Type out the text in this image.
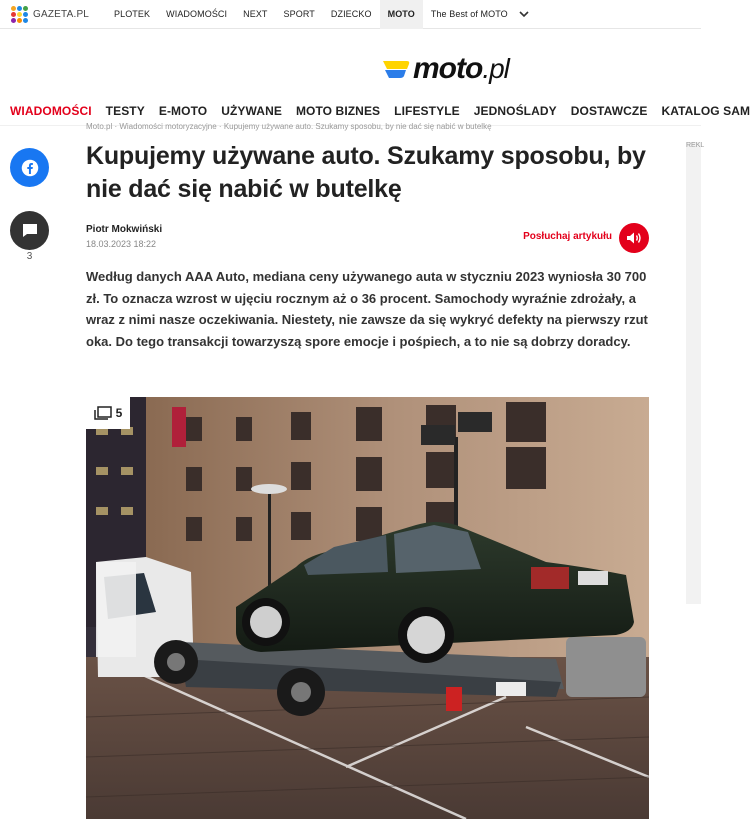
GAZETA.PL	PLOTEK	WIADOMOŚCI	NEXT	SPORT	DZIECKO	MOTO	The Best of MOTO
moto.pl
WIADOMOŚCI TESTY E-MOTO UŻYWANE MOTO BIZNES LIFESTYLE JEDNOŚLADY DOSTAWCZE KATALOG SAM
Moto.pl · Wiadomości motoryzacyjne · Kupujemy używane auto. Szukamy sposobu, by nie dać się nabić w butelkę
REKL
3
Kupujemy używane auto. Szukamy sposobu, by nie dać się nabić w butelkę
Piotr Mokwiński
18.03.2023 18:22
Posłuchaj artykułu

Według danych AAA Auto, mediana ceny używanego auta w styczniu 2023 wyniosła 30 700 zł. To oznacza wzrost w ujęciu rocznym aż o 36 procent. Samochody wyraźnie zdrożały, a wraz z nimi nasze oczekiwania. Niestety, nie zawsze da się wykryć defekty na pierwszy rzut oka. Do tego transakcji towarzyszą spore emocje i pośpiech, a to nie są dobrzy doradcy.

5
